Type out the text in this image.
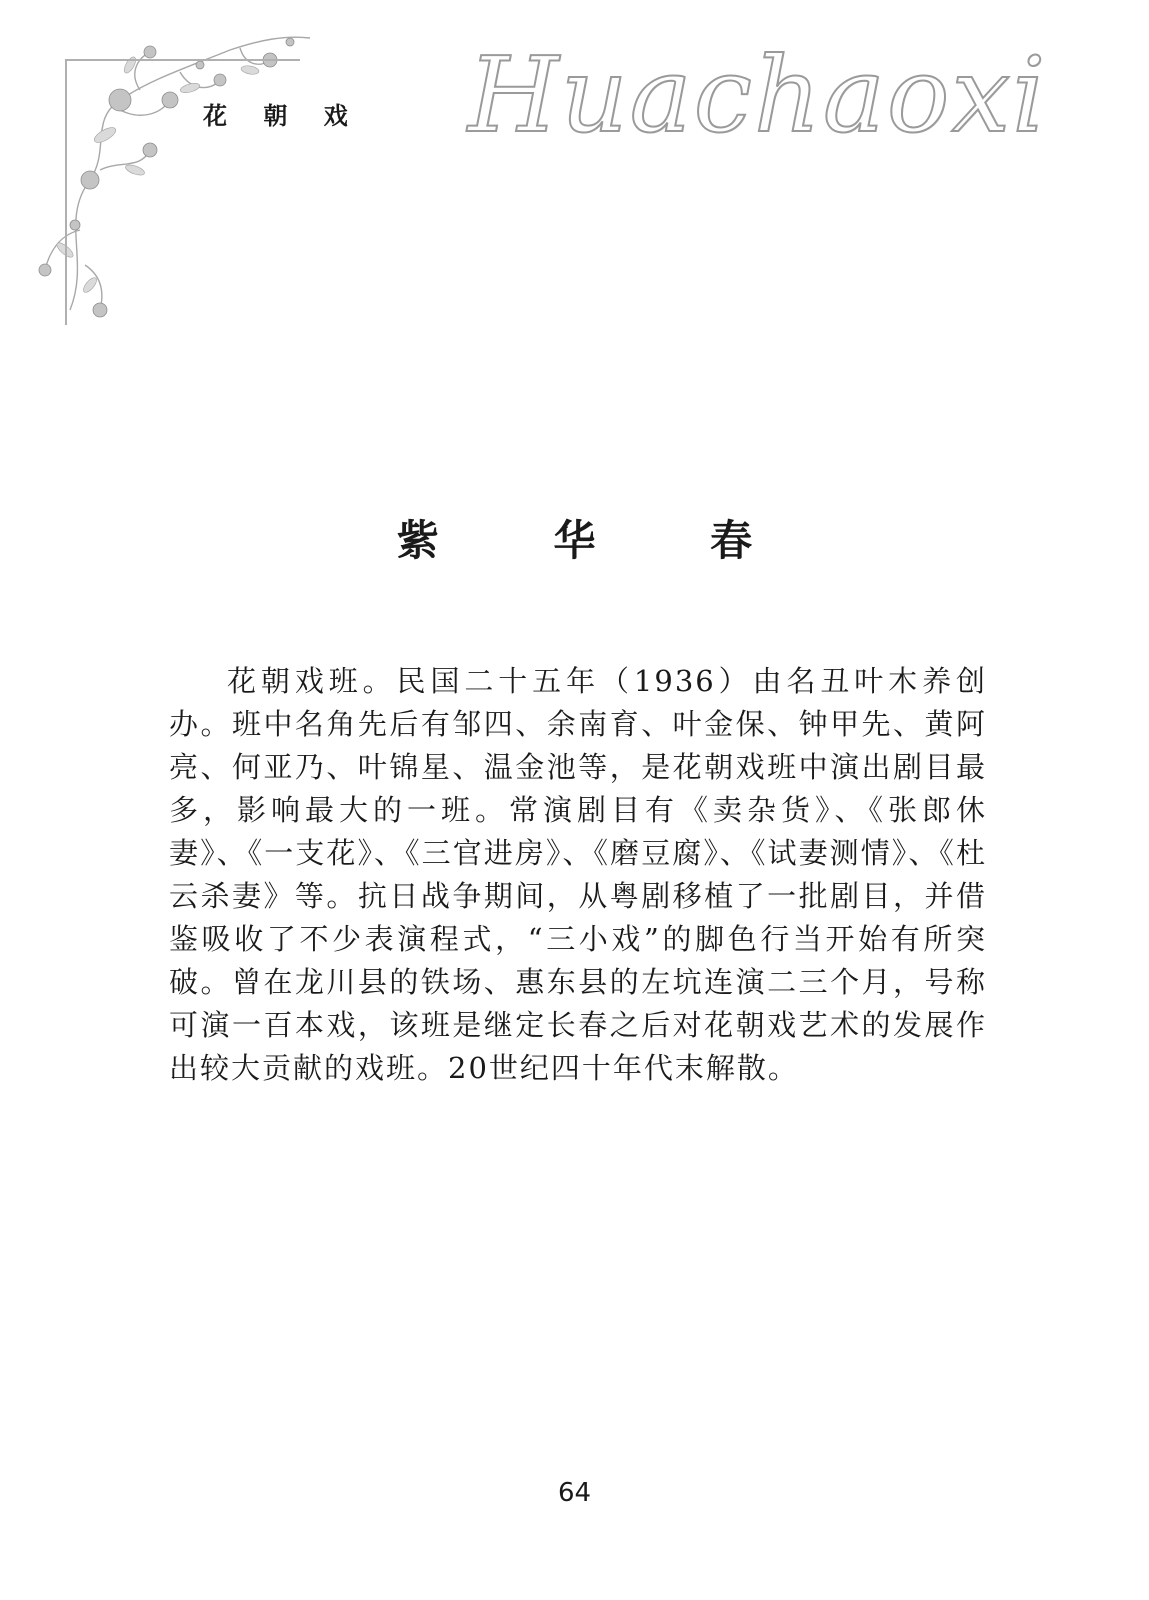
花 朝 戏 Huachaoxi
紫 华 春

花朝戏班。民国二十五年（1936）由名丑叶木养创办。班中名角先后有邹四、余南育、叶金保、钟甲先、黄阿亮、何亚乃、叶锦星、温金池等，是花朝戏班中演出剧目最多，影响最大的一班。常演剧目有《卖杂货》、《张郎休妻》、《一支花》、《三官进房》、《磨豆腐》、《试妻测情》、《杜云杀妻》等。抗日战争期间，从粤剧移植了一批剧目，并借鉴吸收了不少表演程式，“三小戏”的脚色行当开始有所突破。曾在龙川县的铁场、惠东县的左坑连演二三个月，号称可演一百本戏，该班是继定长春之后对花朝戏艺术的发展作出较大贡献的戏班。20世纪四十年代末解散。

64
